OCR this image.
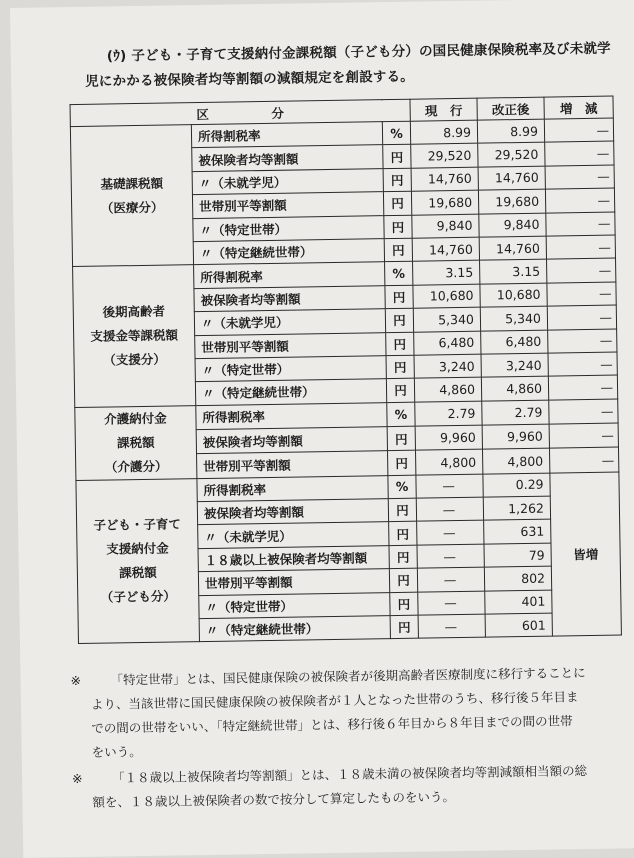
(ｳ) 子ども・子育て支援納付金課税額（子ども分）の国民健康保険税率及び未就学
児にかかる被保険者均等割額の減額規定を創設する。
区　　　　　分			現　行	改正後	増　減
基礎課税額
（医療分）	所得割税率	%	8.99	8.99	—
	被保険者均等割額	円	29,520	29,520	—
	〃（未就学児）	円	14,760	14,760	—
	世帯別平等割額	円	19,680	19,680	—
	〃（特定世帯）	円	9,840	9,840	—
	〃（特定継続世帯）	円	14,760	14,760	—
後期高齢者
支援金等課税額
（支援分）	所得割税率	%	3.15	3.15	—
	被保険者均等割額	円	10,680	10,680	—
	〃（未就学児）	円	5,340	5,340	—
	世帯別平等割額	円	6,480	6,480	—
	〃（特定世帯）	円	3,240	3,240	—
	〃（特定継続世帯）	円	4,860	4,860	—
介護納付金
課税額
（介護分）	所得割税率	%	2.79	2.79	—
	被保険者均等割額	円	9,960	9,960	—
	世帯別平等割額	円	4,800	4,800	—
子ども・子育て
支援納付金
課税額
（子ども分）	所得割税率	%	—	0.29	皆増
	被保険者均等割額	円	—	1,262	
	〃（未就学児）	円	—	631	
	１８歳以上被保険者均等割額	円	—	79	
	世帯別平等割額	円	—	802	
	〃（特定世帯）	円	—	401	
	〃（特定継続世帯）	円	—	601	
※ 「特定世帯」とは、国民健康保険の被保険者が後期高齢者医療制度に移行することに
より、当該世帯に国民健康保険の被保険者が１人となった世帯のうち、移行後５年目ま
での間の世帯をいい、「特定継続世帯」とは、移行後６年目から８年目までの間の世帯
をいう。
※ 「１８歳以上被保険者均等割額」とは、１８歳未満の被保険者均等割減額相当額の総
額を、１８歳以上被保険者の数で按分して算定したものをいう。
